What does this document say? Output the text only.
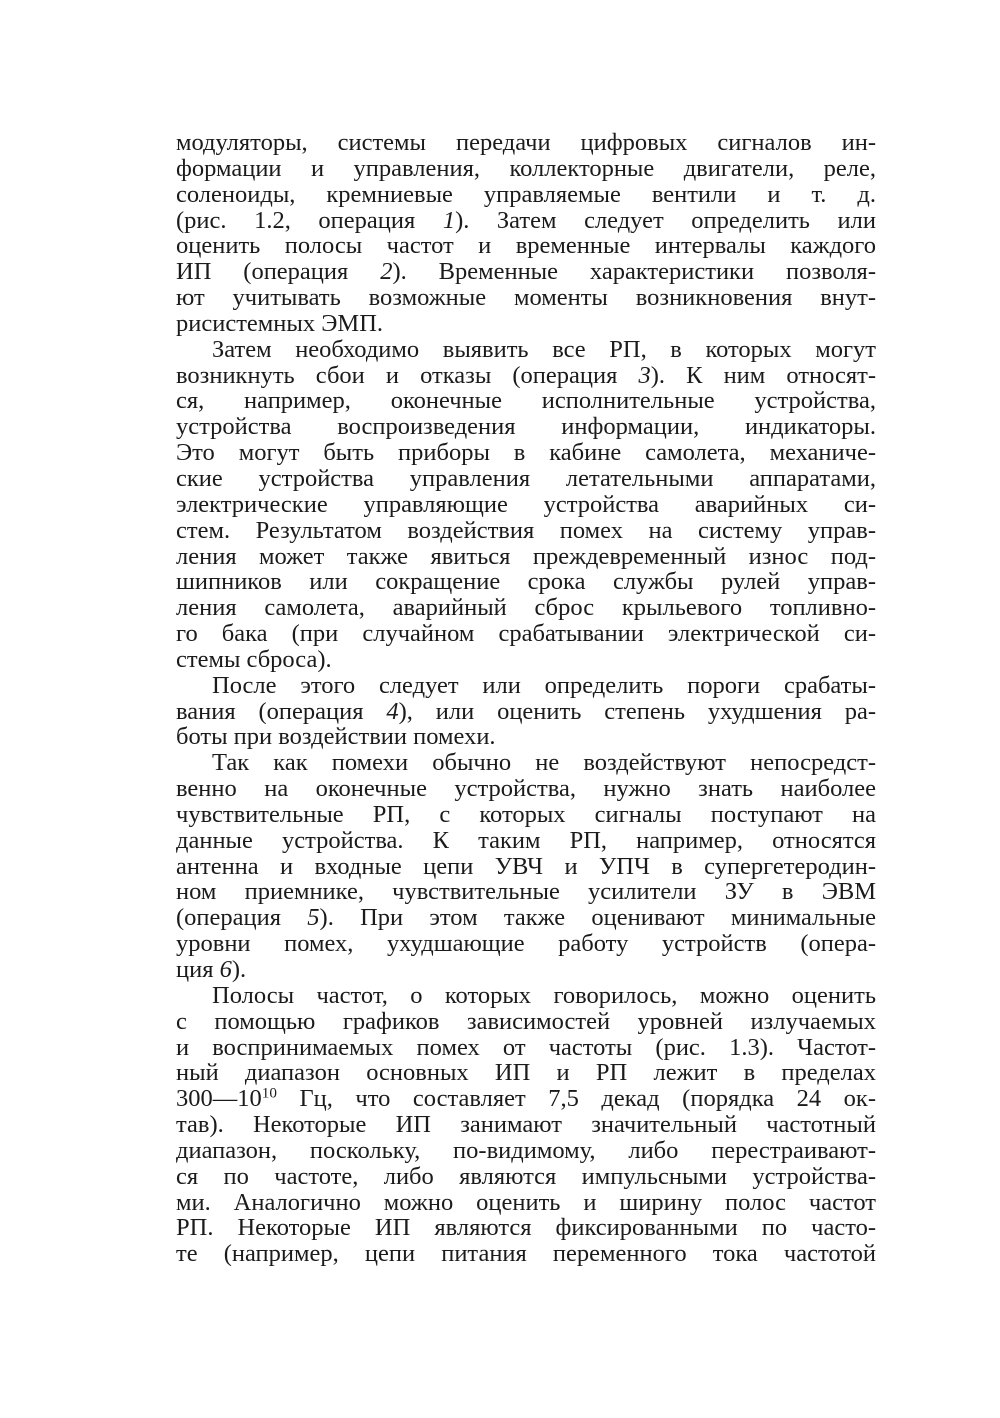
модуляторы, системы передачи цифровых сигналов ин-
формации и управления, коллекторные двигатели, реле,
соленоиды, кремниевые управляемые вентили и т. д.
(рис. 1.2, операция 1). Затем следует определить или
оценить полосы частот и временные интервалы каждого
ИП (операция 2). Временные характеристики позволя-
ют учитывать возможные моменты возникновения внут-
рисистемных ЭМП.
Затем необходимо выявить все РП, в которых могут
возникнуть сбои и отказы (операция 3). К ним относят-
ся, например, оконечные исполнительные устройства,
устройства воспроизведения информации, индикаторы.
Это могут быть приборы в кабине самолета, механиче-
ские устройства управления летательными аппаратами,
электрические управляющие устройства аварийных си-
стем. Результатом воздействия помех на систему управ-
ления может также явиться преждевременный износ под-
шипников или сокращение срока службы рулей управ-
ления самолета, аварийный сброс крыльевого топливно-
го бака (при случайном срабатывании электрической си-
стемы сброса).
После этого следует или определить пороги срабаты-
вания (операция 4), или оценить степень ухудшения ра-
боты при воздействии помехи.
Так как помехи обычно не воздействуют непосредст-
венно на оконечные устройства, нужно знать наиболее
чувствительные РП, с которых сигналы поступают на
данные устройства. К таким РП, например, относятся
антенна и входные цепи УВЧ и УПЧ в супергетеродин-
ном приемнике, чувствительные усилители ЗУ в ЭВМ
(операция 5). При этом также оценивают минимальные
уровни помех, ухудшающие работу устройств (опера-
ция 6).
Полосы частот, о которых говорилось, можно оценить
с помощью графиков зависимостей уровней излучаемых
и воспринимаемых помех от частоты (рис. 1.3). Частот-
ный диапазон основных ИП и РП лежит в пределах
$300—10^{10}$ Гц, что составляет 7,5 декад (порядка 24 ок-
тав). Некоторые ИП занимают значительный частотный
диапазон, поскольку, по-видимому, либо перестраивают-
ся по частоте, либо являются импульсными устройства-
ми. Аналогично можно оценить и ширину полос частот
РП. Некоторые ИП являются фиксированными по часто-
те (например, цепи питания переменного тока частотой
